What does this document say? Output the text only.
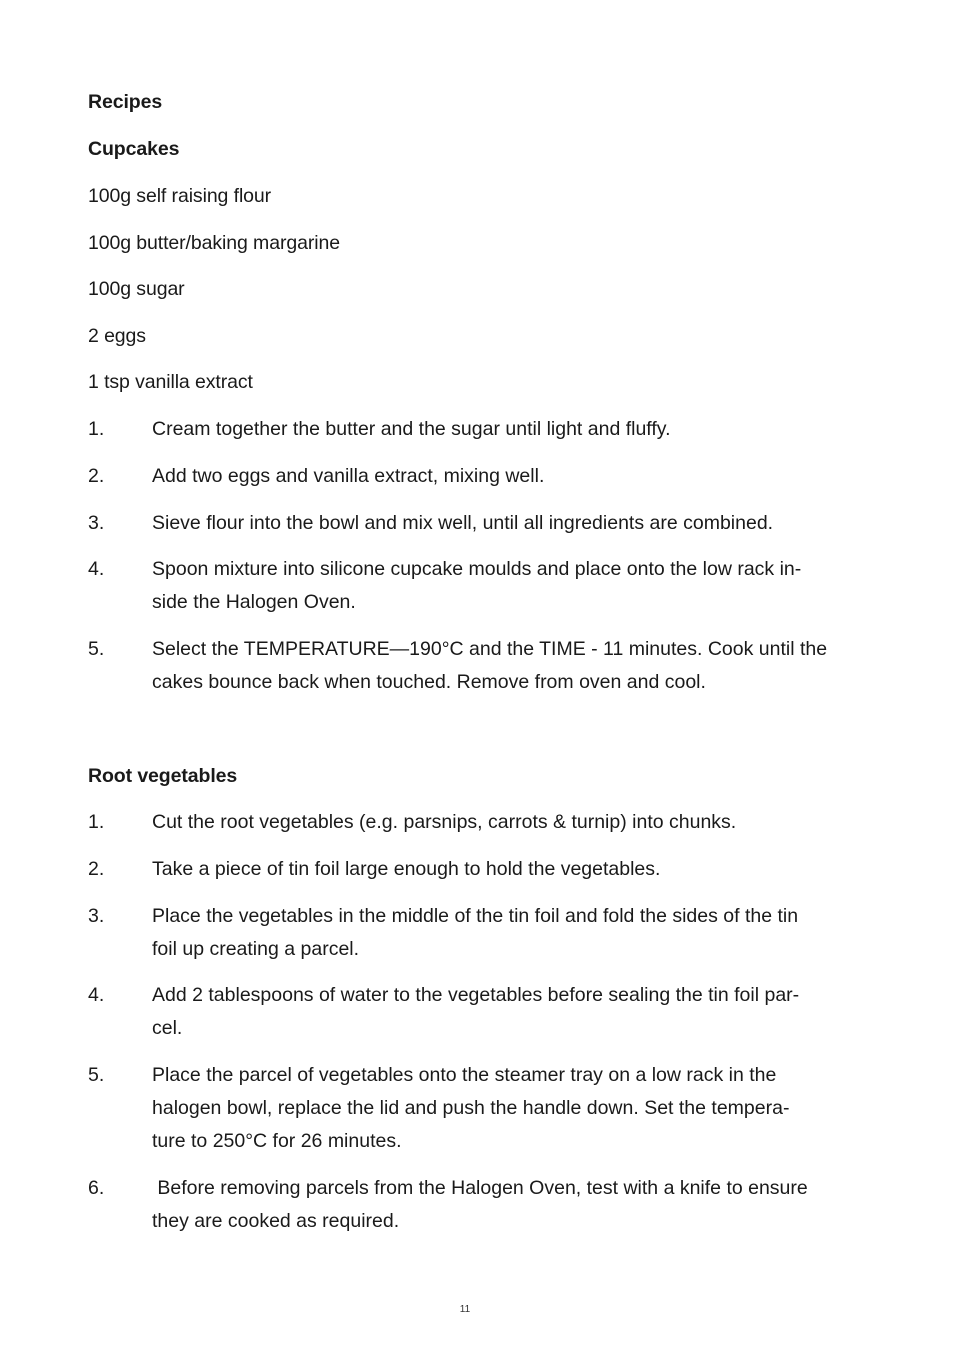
Recipes
Cupcakes
100g self raising flour
100g butter/baking margarine
100g sugar
2 eggs
1 tsp vanilla extract
1. Cream together the butter and the sugar until light and fluffy.
2. Add two eggs and vanilla extract, mixing well.
3. Sieve flour into the bowl and mix well, until all ingredients are combined.
4. Spoon mixture into silicone cupcake moulds and place onto the low rack in-
side the Halogen Oven.
5. Select the TEMPERATURE—190°C and the TIME - 11 minutes. Cook until the
cakes bounce back when touched. Remove from oven and cool.
Root vegetables
1. Cut the root vegetables (e.g. parsnips, carrots & turnip) into chunks.
2. Take a piece of tin foil large enough to hold the vegetables.
3. Place the vegetables in the middle of the tin foil and fold the sides of the tin
foil up creating a parcel.
4. Add 2 tablespoons of water to the vegetables before sealing the tin foil par-
cel.
5. Place the parcel of vegetables onto the steamer tray on a low rack in the
halogen bowl, replace the lid and push the handle down. Set the tempera-
ture to 250°C for 26 minutes.
6. Before removing parcels from the Halogen Oven, test with a knife to ensure
they are cooked as required.
11
